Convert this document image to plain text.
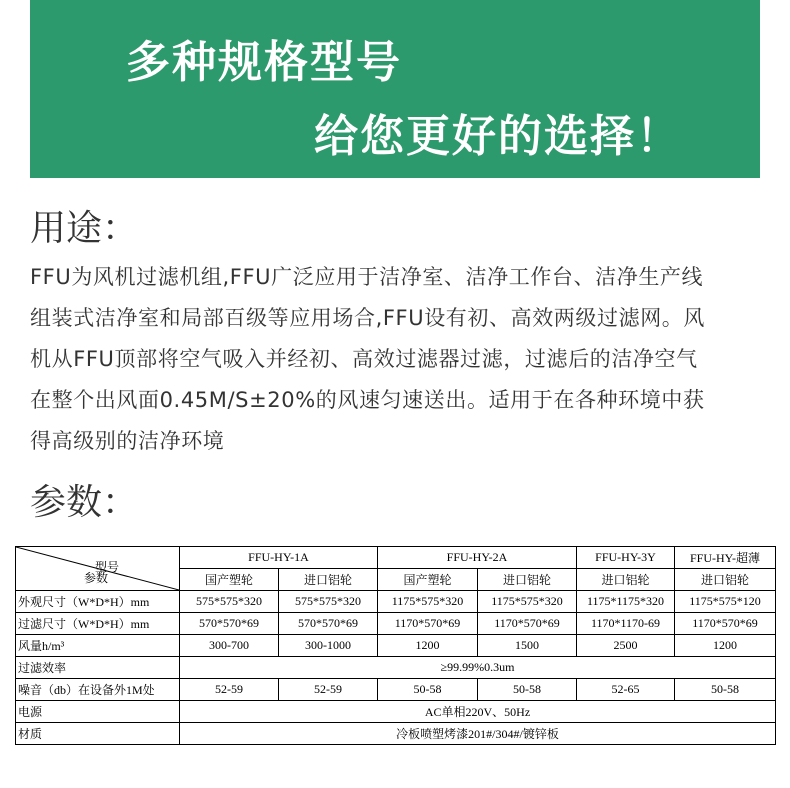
多种规格型号
给您更好的选择！
用途：
FFU为风机过滤机组,FFU广泛应用于洁净室、洁净工作台、洁净生产线
组装式洁净室和局部百级等应用场合,FFU设有初、高效两级过滤网。风
机从FFU顶部将空气吸入并经初、高效过滤器过滤，过滤后的洁净空气
在整个出风面0.45M/S±20%的风速匀速送出。适用于在各种环境中获
得高级别的洁净环境
参数：
型号
参数	FFU-HY-1A		FFU-HY-2A		FFU-HY-3Y	FFU-HY-超薄
	国产塑轮	进口铝轮	国产塑轮	进口铝轮	进口铝轮	进口铝轮
外观尺寸（W*D*H）mm	575*575*320	575*575*320	1175*575*320	1175*575*320	1175*1175*320	1175*575*120
过滤尺寸（W*D*H）mm	570*570*69	570*570*69	1170*570*69	1170*570*69	1170*1170-69	1170*570*69
风量h/m³	300-700	300-1000	1200	1500	2500	1200
过滤效率	≥99.99%0.3um					
噪音（db）在设备外1M处	52-59	52-59	50-58	50-58	52-65	50-58
电源	AC单相220V、50Hz					
材质	冷板喷塑烤漆201#/304#/镀锌板					
